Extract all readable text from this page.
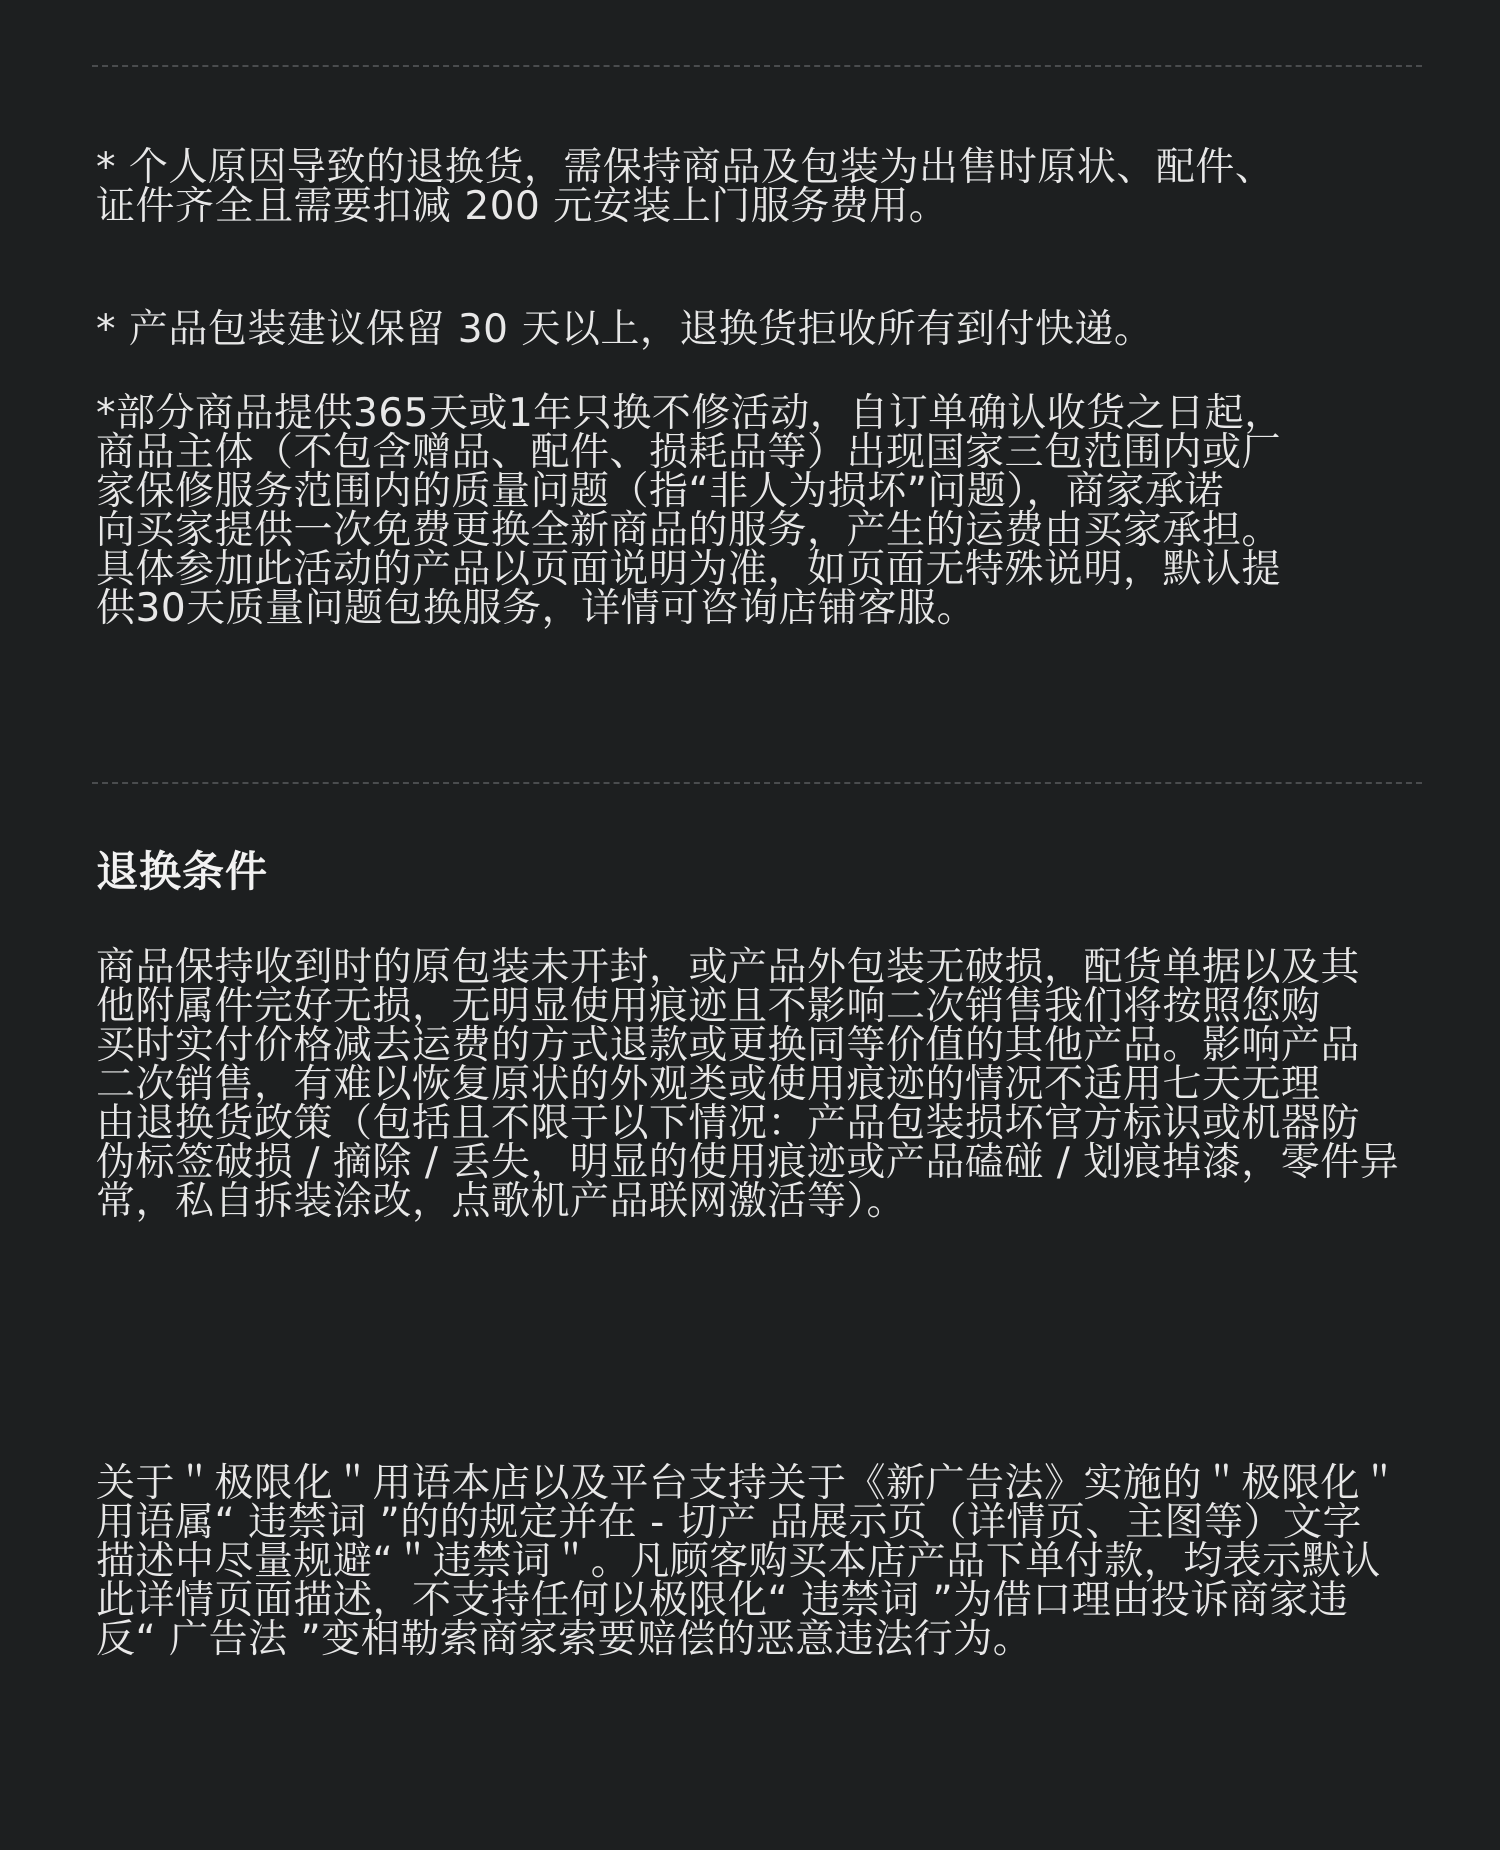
* 个人原因导致的退换货，需保持商品及包装为出售时原状、配件、
证件齐全且需要扣减 200 元安装上门服务费用。

* 产品包装建议保留 30 天以上，退换货拒收所有到付快递。

*部分商品提供365天或1年只换不修活动，自订单确认收货之日起，
商品主体（不包含赠品、配件、损耗品等）出现国家三包范围内或厂
家保修服务范围内的质量问题（指“非人为损坏”问题），商家承诺
向买家提供一次免费更换全新商品的服务，产生的运费由买家承担。
具体参加此活动的产品以页面说明为准，如页面无特殊说明，默认提
供30天质量问题包换服务，详情可咨询店铺客服。

退换条件

商品保持收到时的原包装未开封，或产品外包装无破损，配货单据以及其
他附属件完好无损，无明显使用痕迹且不影响二次销售我们将按照您购
买时实付价格减去运费的方式退款或更换同等价值的其他产品。影响产品
二次销售，有难以恢复原状的外观类或使用痕迹的情况不适用七天无理
由退换货政策（包括且不限于以下情况：产品包装损坏官方标识或机器防
伪标签破损 / 摘除 / 丢失，明显的使用痕迹或产品磕碰 / 划痕掉漆，零件异
常，私自拆装涂改，点歌机产品联网激活等）。

关于＂极限化＂用语本店以及平台支持关于《新广告法》实施的＂极限化＂
用语属“ 违禁词 ”的的规定并在 - 切产 品展示页（详情页、主图等）文字
描述中尽量规避“＂违禁词＂。凡顾客购买本店产品下单付款，均表示默认
此详情页面描述，不支持任何以极限化“ 违禁词 ”为借口理由投诉商家违
反“ 广告法 ”变相勒索商家索要赔偿的恶意违法行为。
